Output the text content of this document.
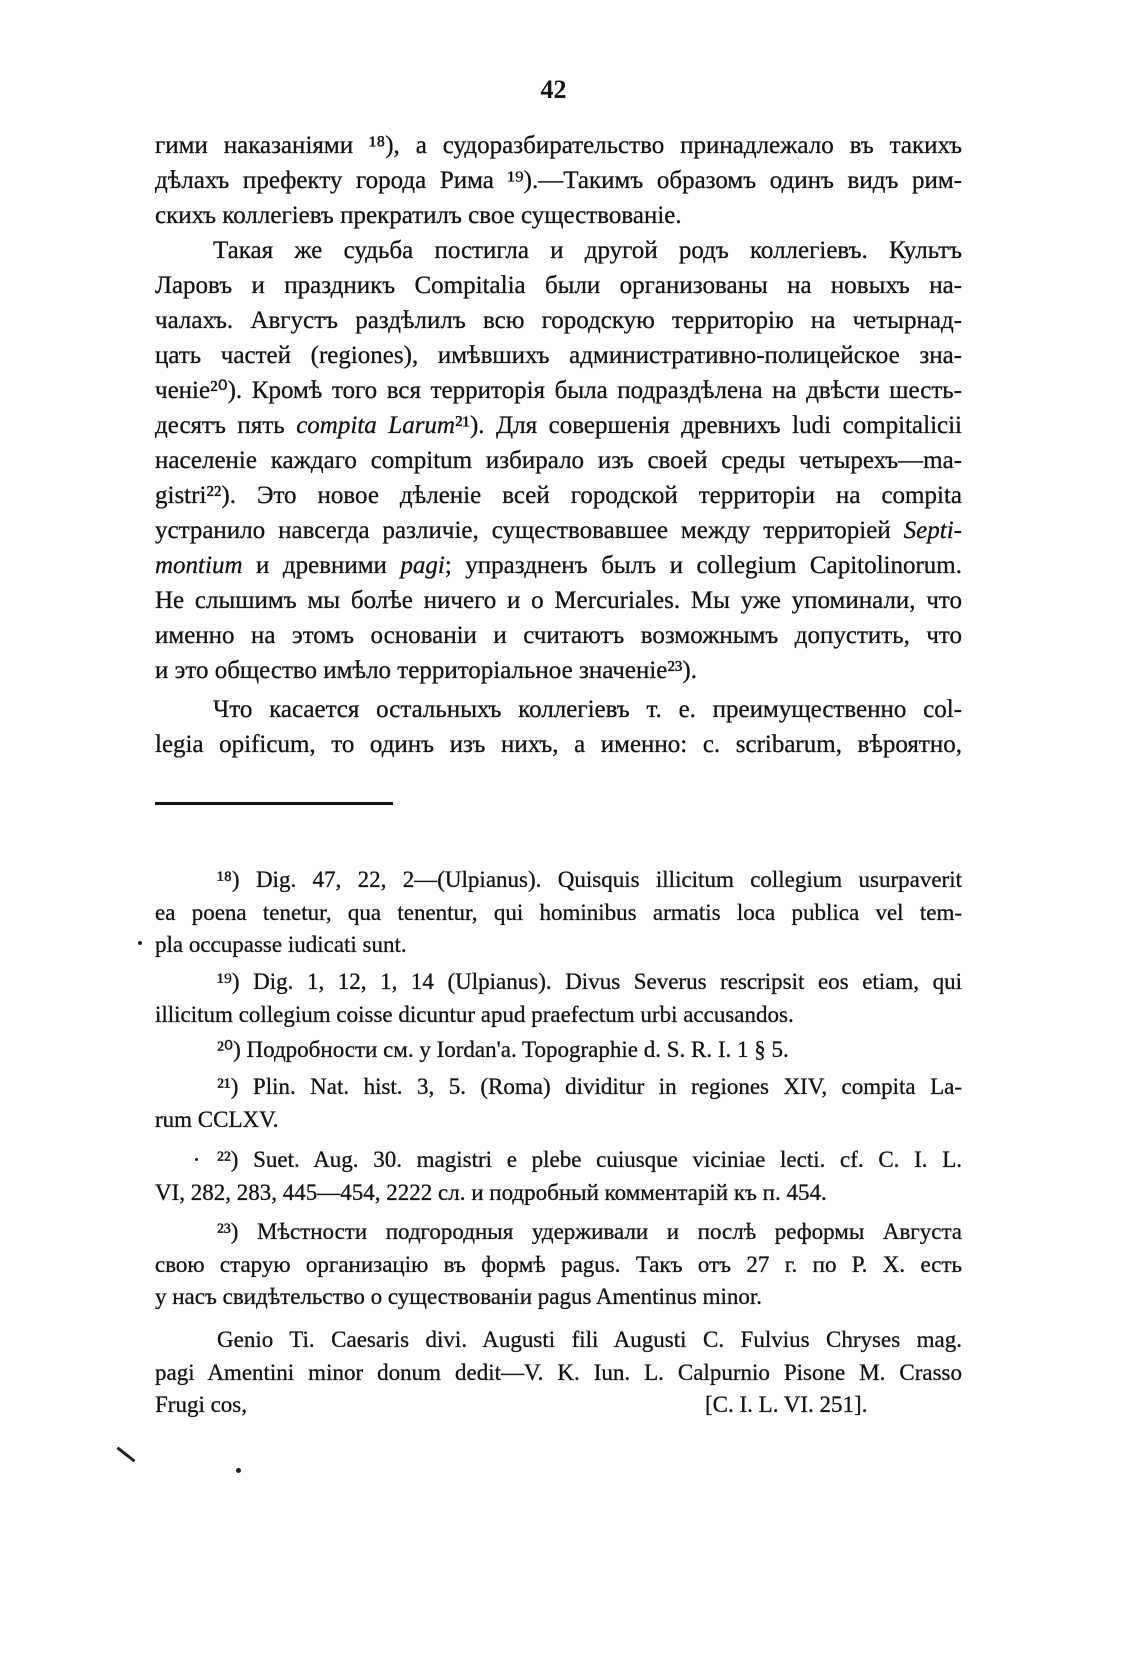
42
гими наказаніями ¹⁸), а судоразбирательство принадлежало въ такихъ
дѣлахъ префекту города Рима ¹⁹).—Такимъ образомъ одинъ видъ рим-
скихъ коллегіевъ прекратилъ свое существованіе.
Такая же судьба постигла и другой родъ коллегіевъ. Культъ
Ларовъ и праздникъ Compitalia были организованы на новыхъ на-
чалахъ. Августъ раздѣлилъ всю городскую территорію на четырнад-
цать частей (regiones), имѣвшихъ административно-полицейское зна-
ченіе²⁰). Кромѣ того вся территорія была подраздѣлена на двѣсти шесть-
десятъ пять compita Larum²¹). Для совершенія древнихъ ludi compitalicii
населеніе каждаго compitum избирало изъ своей среды четырехъ—ma-
gistri²²). Это новое дѣленіе всей городской территоріи на compita
устранило навсегда различіе, существовавшее между территоріей Septi-
montium и древними pagi; упраздненъ былъ и collegium Capitolinorum.
Не слышимъ мы болѣе ничего и о Mercuriales. Мы уже упоминали, что
именно на этомъ основаніи и считаютъ возможнымъ допустить, что
и это общество имѣло территоріальное значеніе²³).
Что касается остальныхъ коллегіевъ т. е. преимущественно col-
legia opificum, то одинъ изъ нихъ, а именно: c. scribarum, вѣроятно,
¹⁸) Dig. 47, 22, 2—(Ulpianus). Quisquis illicitum collegium usurpaverit
ea poena tenetur, qua tenentur, qui hominibus armatis loca publica vel tem-
pla occupasse iudicati sunt.
¹⁹) Dig. 1, 12, 1, 14 (Ulpianus). Divus Severus rescripsit eos etiam, qui
illicitum collegium coisse dicuntur apud praefectum urbi accusandos.
²⁰) Подробности см. у Iordan'a. Topographie d. S. R. I. 1 § 5.
²¹) Plin. Nat. hist. 3, 5. (Roma) dividitur in regiones XIV, compita La-
rum CCLXV.
²²) Suet. Aug. 30. magistri e plebe cuiusque viciniae lecti. cf. C. I. L.
VI, 282, 283, 445—454, 2222 сл. и подробный комментарій къ п. 454.
²³) Мѣстности подгородныя удерживали и послѣ реформы Августа
свою старую организацію въ формѣ pagus. Такъ отъ 27 г. по Р. Х. есть
у насъ свидѣтельство о существованіи pagus Amentinus minor.
Genio Ti. Caesaris divi. Augusti fili Augusti C. Fulvius Chryses mag.
pagi Amentini minor donum dedit—V. K. Iun. L. Calpurnio Pisone M. Crasso
Frugi cos,	[C. I. L. VI. 251].
